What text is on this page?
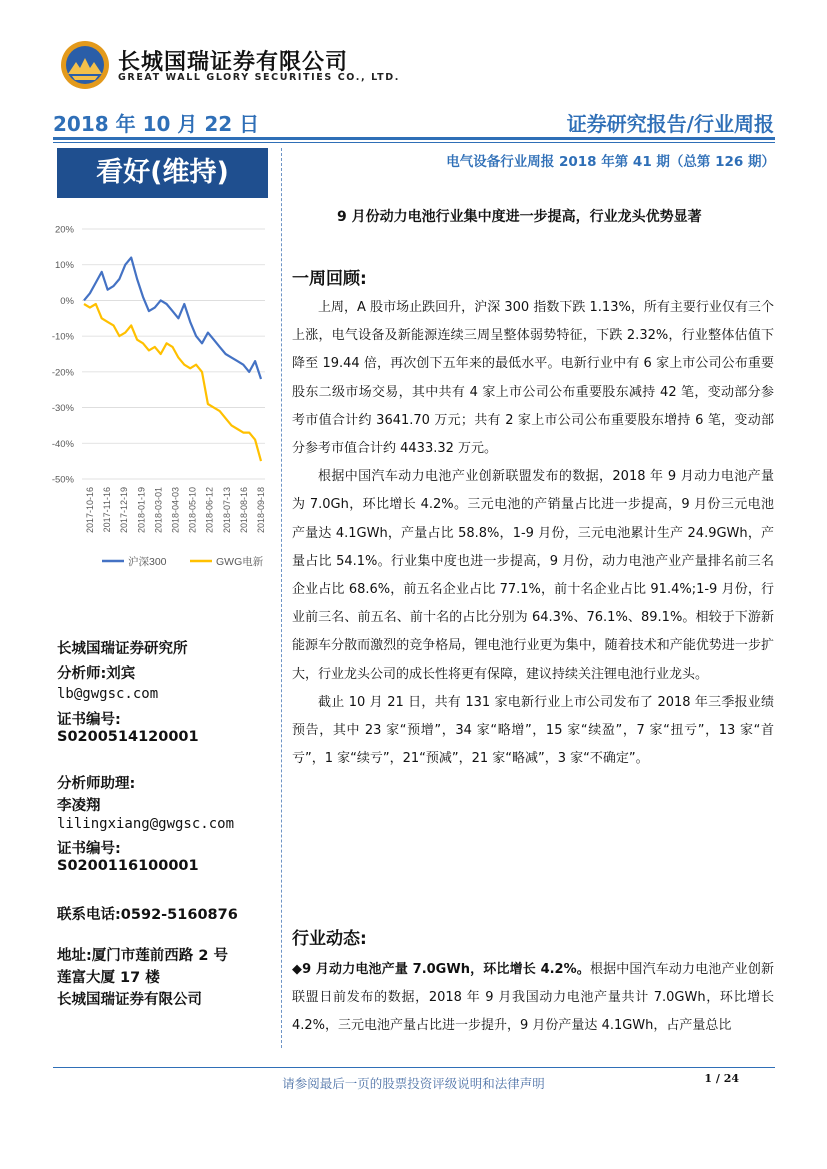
长城国瑞证券有限公司
GREAT WALL GLORY SECURITIES CO., LTD.
2018 年 10 月 22 日	证券研究报告/行业周报
看好(维持)
20%
10%
0%
-10%
-20%
-30%
-40%
-50%
2017-10-16 2017-11-16 2017-12-19 2018-01-19 2018-03-01 2018-04-03 2018-05-10 2018-06-12 2018-07-13 2018-08-16 2018-09-18
沪深300	GWG电新
长城国瑞证券研究所
分析师:刘宾
lb@gwgsc.com
证书编号:
S0200514120001
分析师助理:
李凌翔
lilingxiang@gwgsc.com
证书编号:
S0200116100001
联系电话:0592-5160876
地址:厦门市莲前西路 2 号
莲富大厦 17 楼
长城国瑞证券有限公司
电气设备行业周报 2018 年第 41 期（总第 126 期）
9 月份动力电池行业集中度进一步提高，行业龙头优势显著
一周回顾:

上周，A 股市场止跌回升，沪深 300 指数下跌 1.13%，所有主要行业仅有三个上涨，电气设备及新能源连续三周呈整体弱势特征，下跌 2.32%，行业整体估值下降至 19.44 倍，再次创下五年来的最低水平。电新行业中有 6 家上市公司公布重要股东二级市场交易，其中共有 4 家上市公司公布重要股东减持 42 笔，变动部分参考市值合计约 3641.70 万元；共有 2 家上市公司公布重要股东增持 6 笔，变动部分参考市值合计约 4433.32 万元。

根据中国汽车动力电池产业创新联盟发布的数据，2018 年 9 月动力电池产量为 7.0Gh，环比增长 4.2%。三元电池的产销量占比进一步提高，9 月份三元电池产量达 4.1GWh，产量占比 58.8%，1-9 月份，三元电池累计生产 24.9GWh，产量占比 54.1%。行业集中度也进一步提高，9 月份，动力电池产业产量排名前三名企业占比 68.6%，前五名企业占比 77.1%，前十名企业占比 91.4%;1-9 月份，行业前三名、前五名、前十名的占比分别为 64.3%、76.1%、89.1%。相较于下游新能源车分散而激烈的竞争格局，锂电池行业更为集中，随着技术和产能优势进一步扩大，行业龙头公司的成长性将更有保障，建议持续关注锂电池行业龙头。

截止 10 月 21 日，共有 131 家电新行业上市公司发布了 2018 年三季报业绩预告，其中 23 家“预增”，34 家“略增”，15 家“续盈”，7 家“扭亏”，13 家“首亏”，1 家“续亏”，21“预减”，21 家“略减”，3 家“不确定”。

行业动态:

◆9 月动力电池产量 7.0GWh，环比增长 4.2%。根据中国汽车动力电池产业创新联盟日前发布的数据，2018 年 9 月我国动力电池产量共计 7.0GWh，环比增长 4.2%，三元电池产量占比进一步提升，9 月份产量达 4.1GWh，占产量总比

请参阅最后一页的股票投资评级说明和法律声明	1 / 24
